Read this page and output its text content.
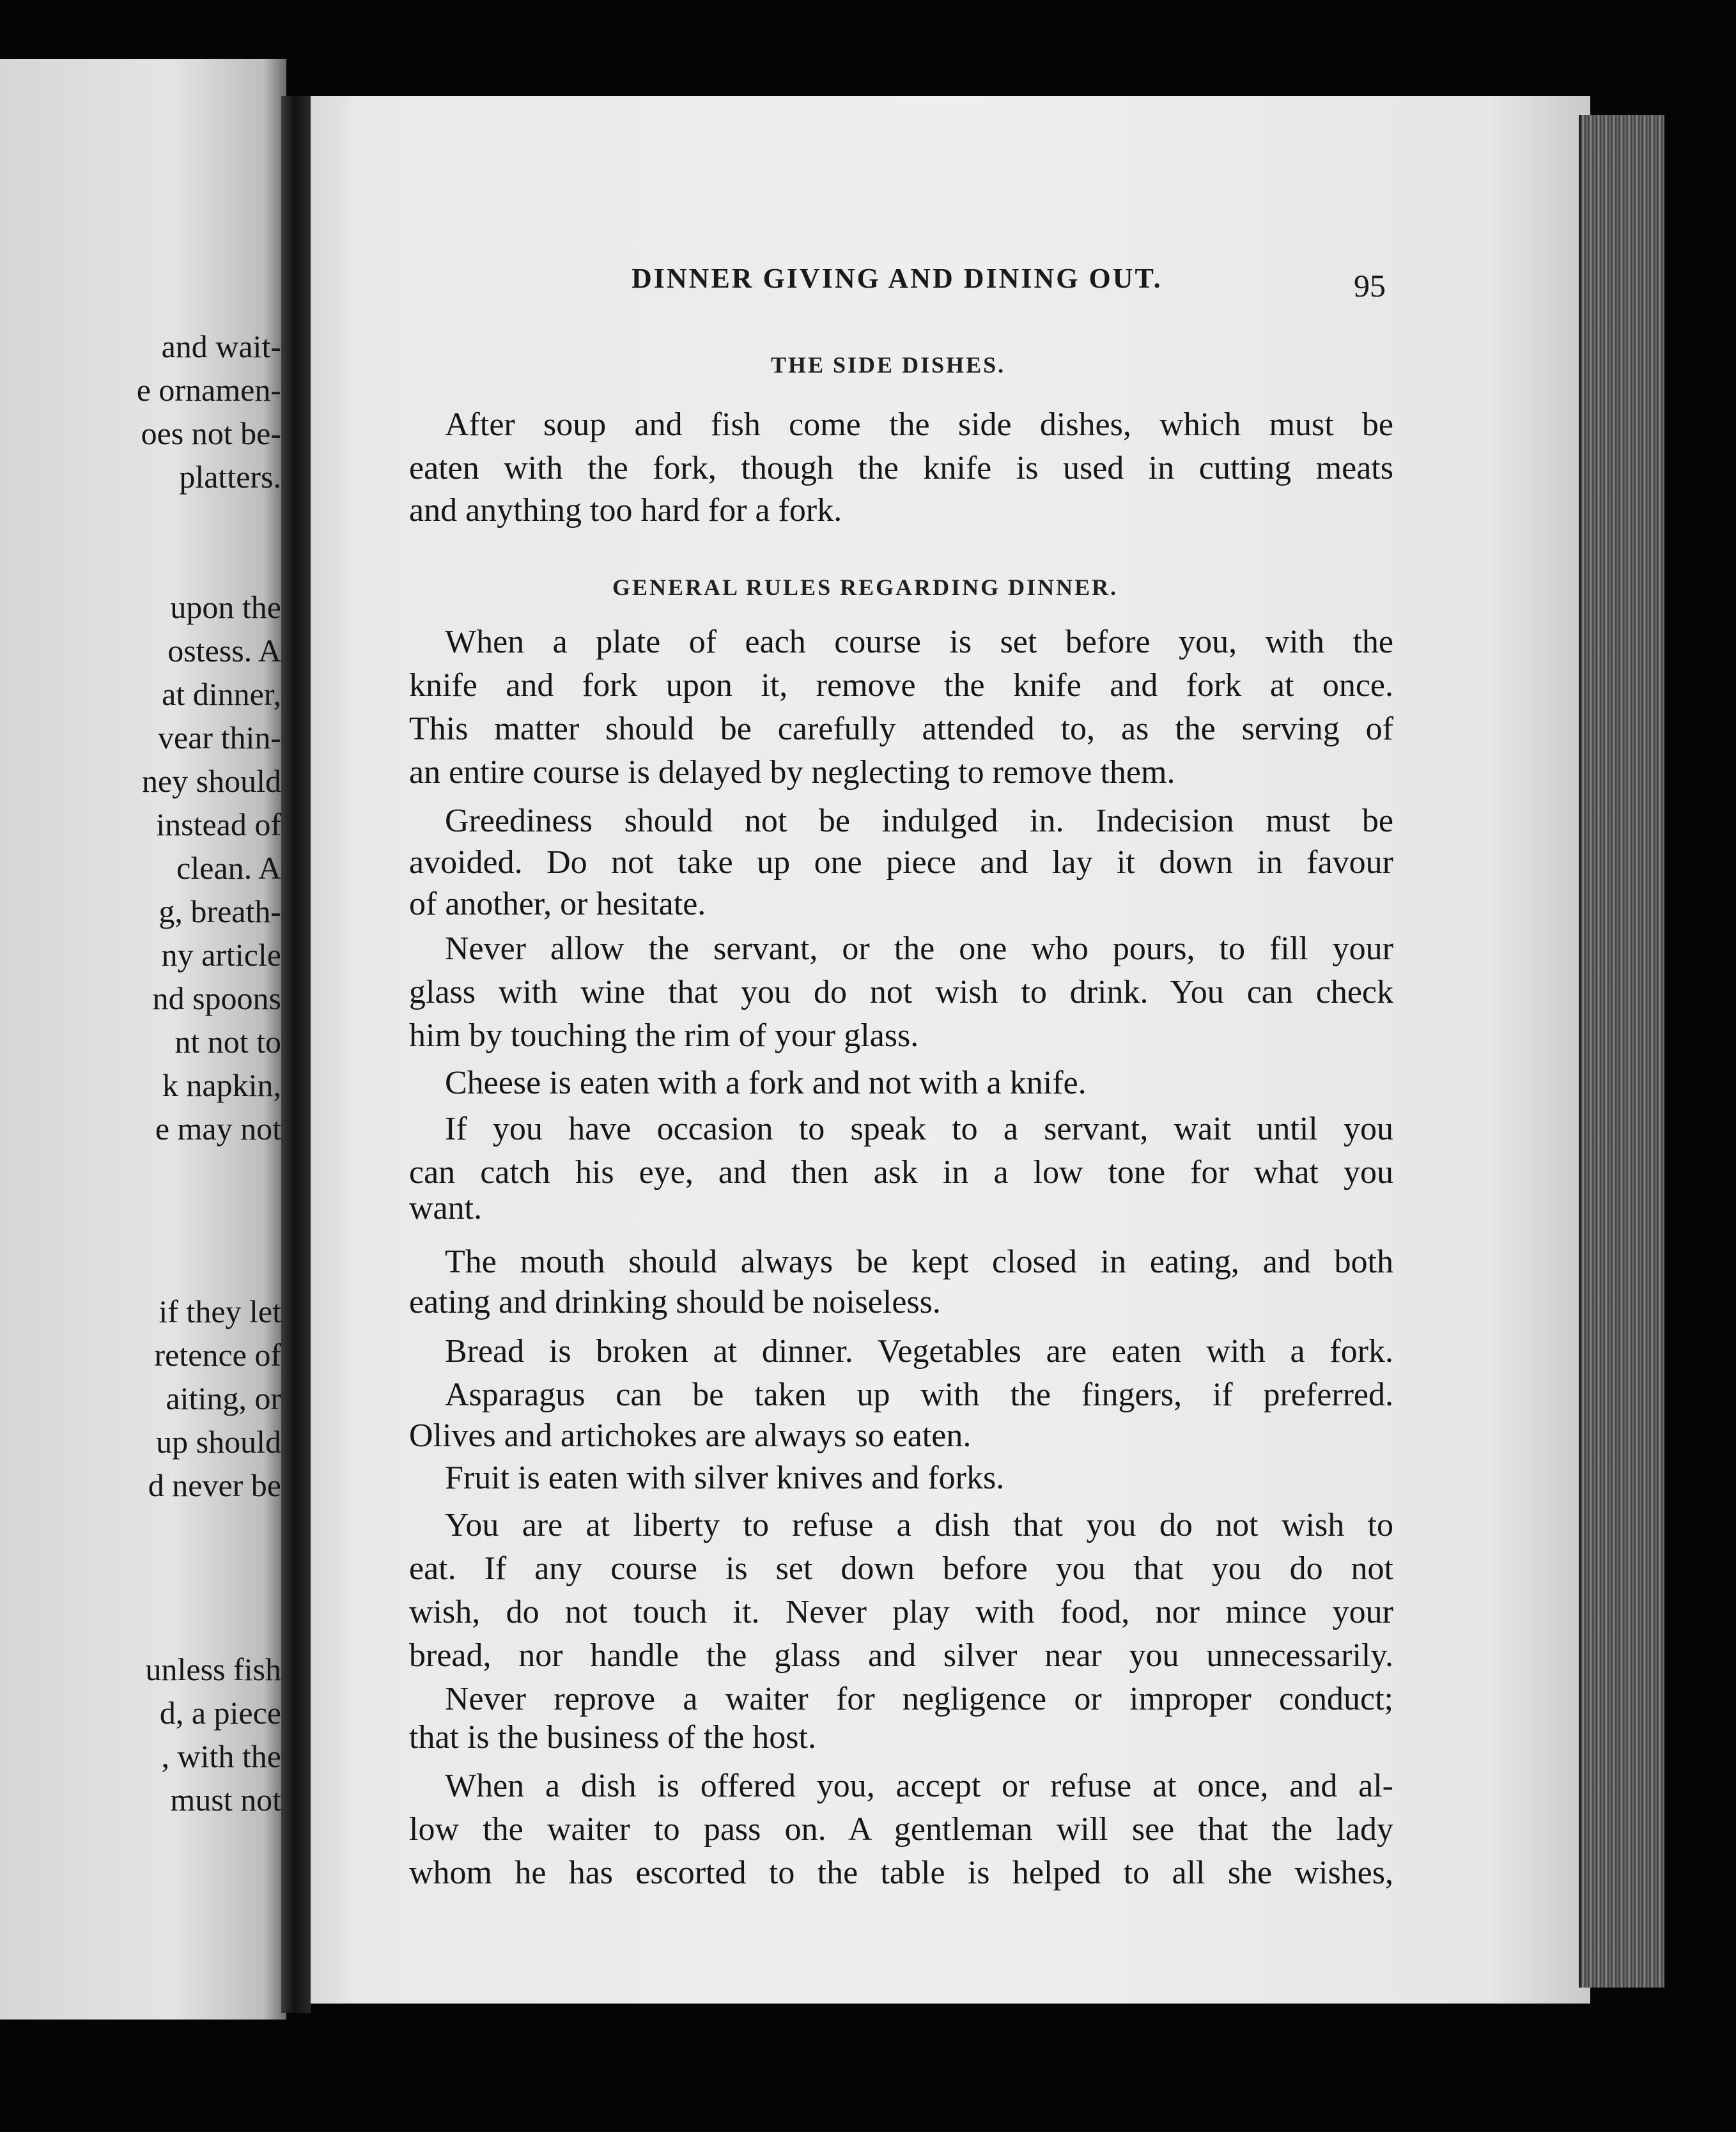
and wait-

e ornamen-

oes not be-

platters.

upon the

ostess. A

at dinner,

vear thin-

ney should

instead of

clean. A

g, breath-

ny article

nd spoons

nt not to

k napkin,

e may not

if they let

retence of

aiting, or

up should

d never be

unless fish

d, a piece

, with the

must not

DINNER GIVING AND DINING OUT.	95

THE SIDE DISHES.

After soup and fish come the side dishes, which must be

eaten with the fork, though the knife is used in cutting meats

and anything too hard for a fork.

GENERAL RULES REGARDING DINNER.

When a plate of each course is set before you, with the

knife and fork upon it, remove the knife and fork at once.

This matter should be carefully attended to, as the serving of

an entire course is delayed by neglecting to remove them.

Greediness should not be indulged in. Indecision must be

avoided. Do not take up one piece and lay it down in favour

of another, or hesitate.

Never allow the servant, or the one who pours, to fill your

glass with wine that you do not wish to drink. You can check

him by touching the rim of your glass.

Cheese is eaten with a fork and not with a knife.

If you have occasion to speak to a servant, wait until you

can catch his eye, and then ask in a low tone for what you

want.

The mouth should always be kept closed in eating, and both

eating and drinking should be noiseless.

Bread is broken at dinner. Vegetables are eaten with a fork.

Asparagus can be taken up with the fingers, if preferred.

Olives and artichokes are always so eaten.

Fruit is eaten with silver knives and forks.

You are at liberty to refuse a dish that you do not wish to

eat. If any course is set down before you that you do not

wish, do not touch it. Never play with food, nor mince your

bread, nor handle the glass and silver near you unnecessarily.

Never reprove a waiter for negligence or improper conduct;

that is the business of the host.

When a dish is offered you, accept or refuse at once, and al-

low the waiter to pass on. A gentleman will see that the lady

whom he has escorted to the table is helped to all she wishes,
